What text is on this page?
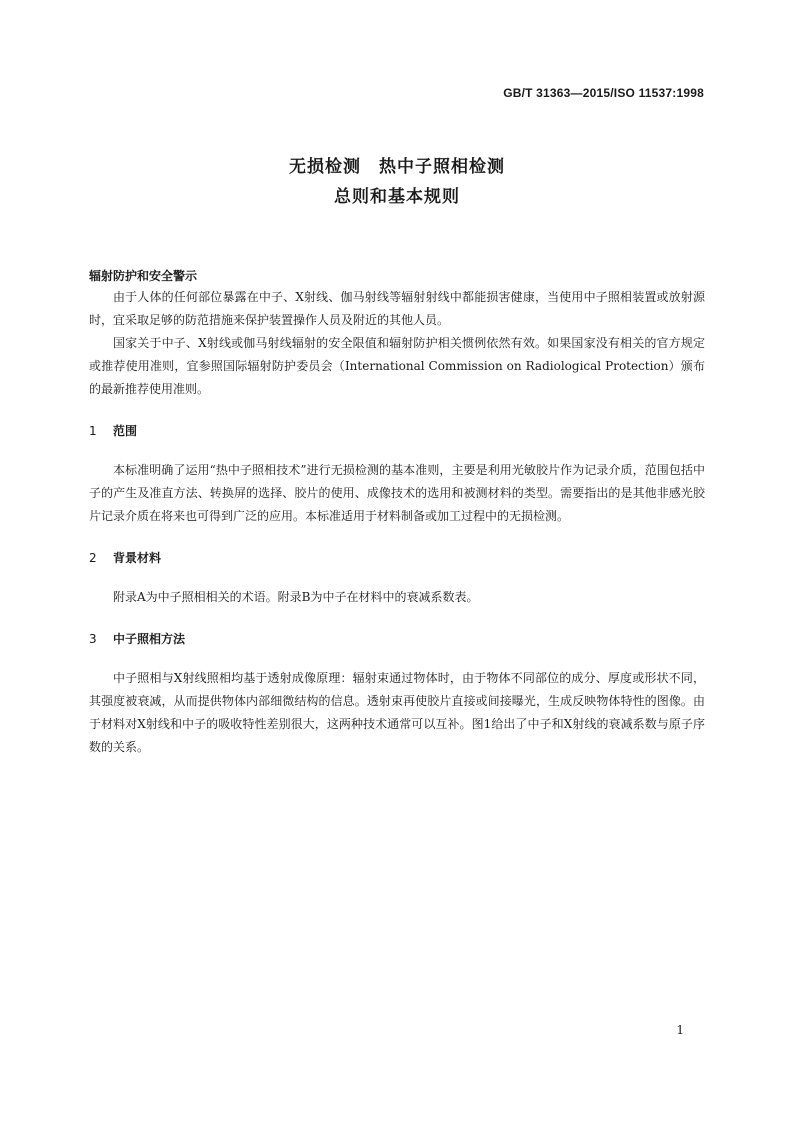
GB/T 31363—2015/ISO 11537:1998
无损检测　热中子照相检测
总则和基本规则
辐射防护和安全警示

由于人体的任何部位暴露在中子、X射线、伽马射线等辐射射线中都能损害健康，当使用中子照相装置或放射源时，宜采取足够的防范措施来保护装置操作人员及附近的其他人员。

国家关于中子、X射线或伽马射线辐射的安全限值和辐射防护相关惯例依然有效。如果国家没有相关的官方规定或推荐使用准则，宜参照国际辐射防护委员会（International Commission on Radiological Protection）颁布的最新推荐使用准则。

1 范围

本标准明确了运用“热中子照相技术”进行无损检测的基本准则，主要是利用光敏胶片作为记录介质，范围包括中子的产生及准直方法、转换屏的选择、胶片的使用、成像技术的选用和被测材料的类型。需要指出的是其他非感光胶片记录介质在将来也可得到广泛的应用。本标准适用于材料制备或加工过程中的无损检测。

2 背景材料

附录A为中子照相相关的术语。附录B为中子在材料中的衰减系数表。

3 中子照相方法

中子照相与X射线照相均基于透射成像原理：辐射束通过物体时，由于物体不同部位的成分、厚度或形状不同，其强度被衰减，从而提供物体内部细微结构的信息。透射束再使胶片直接或间接曝光，生成反映物体特性的图像。由于材料对X射线和中子的吸收特性差别很大，这两种技术通常可以互补。图1给出了中子和X射线的衰减系数与原子序数的关系。

1
